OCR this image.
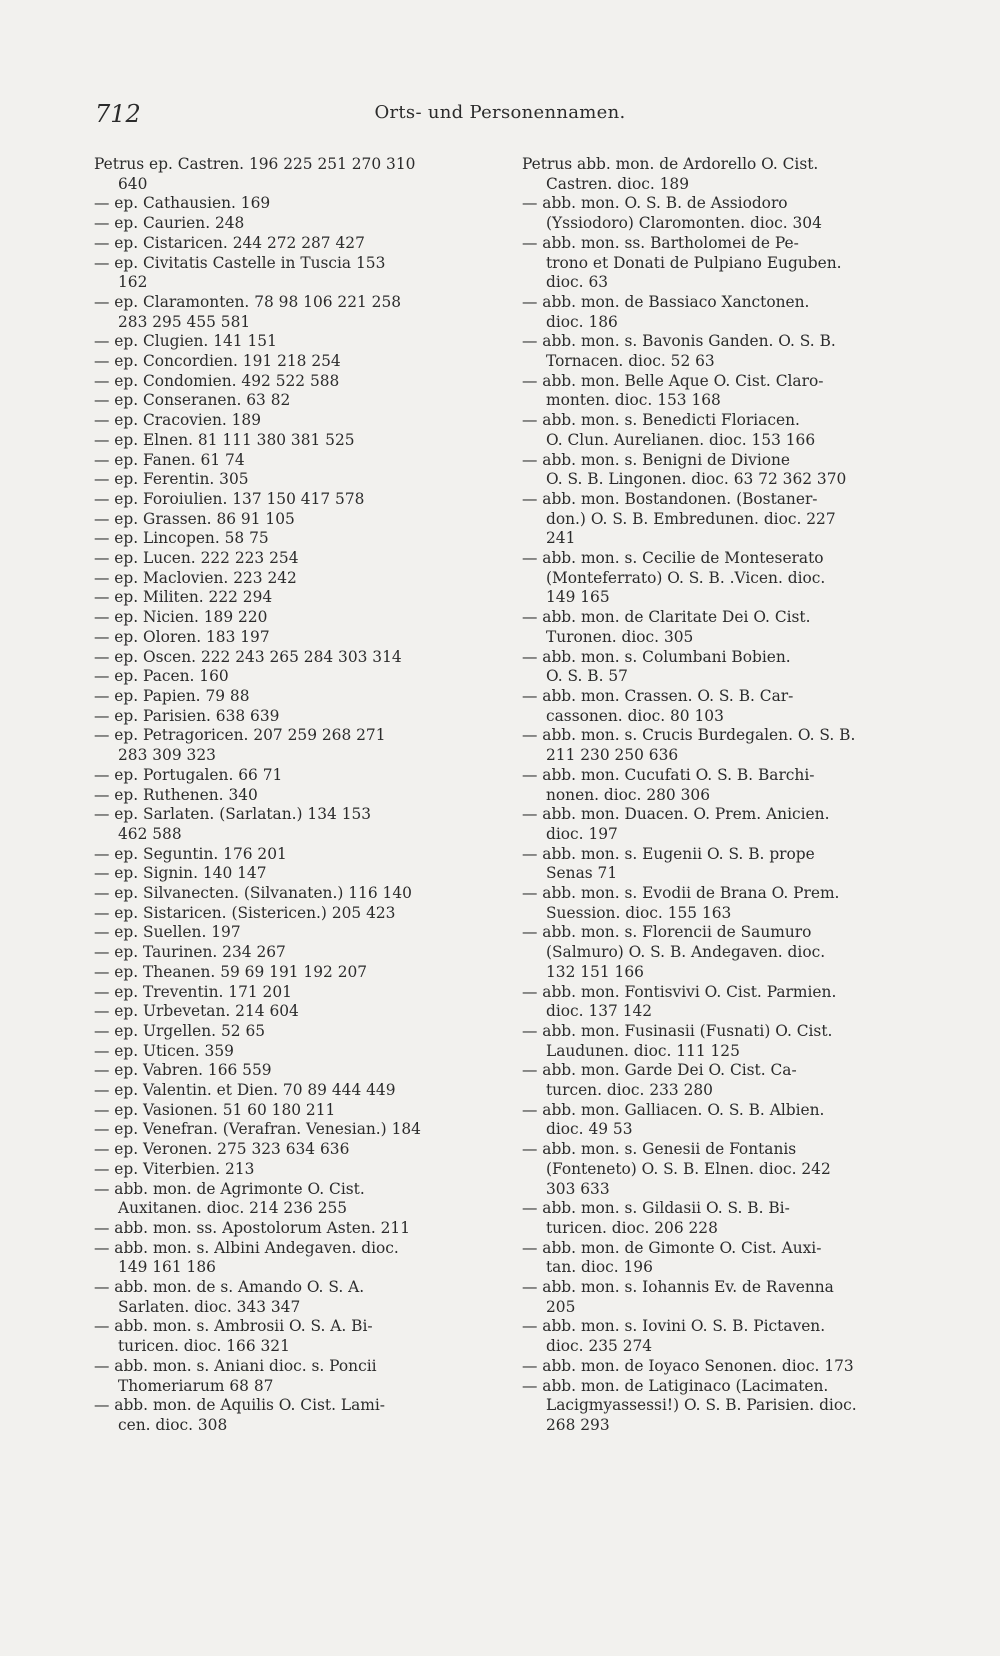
712	Orts- und Personennamen.
Petrus ep. Castren. 196 225 251 270 310
640
— ep. Cathausien. 169
— ep. Caurien. 248
— ep. Cistaricen. 244 272 287 427
— ep. Civitatis Castelle in Tuscia 153
162
— ep. Claramonten. 78 98 106 221 258
283 295 455 581
— ep. Clugien. 141 151
— ep. Concordien. 191 218 254
— ep. Condomien. 492 522 588
— ep. Conseranen. 63 82
— ep. Cracovien. 189
— ep. Elnen. 81 111 380 381 525
— ep. Fanen. 61 74
— ep. Ferentin. 305
— ep. Foroiulien. 137 150 417 578
— ep. Grassen. 86 91 105
— ep. Lincopen. 58 75
— ep. Lucen. 222 223 254
— ep. Maclovien. 223 242
— ep. Militen. 222 294
— ep. Nicien. 189 220
— ep. Oloren. 183 197
— ep. Oscen. 222 243 265 284 303 314
— ep. Pacen. 160
— ep. Papien. 79 88
— ep. Parisien. 638 639
— ep. Petragoricen. 207 259 268 271
283 309 323
— ep. Portugalen. 66 71
— ep. Ruthenen. 340
— ep. Sarlaten. (Sarlatan.) 134 153
462 588
— ep. Seguntin. 176 201
— ep. Signin. 140 147
— ep. Silvanecten. (Silvanaten.) 116 140
— ep. Sistaricen. (Sistericen.) 205 423
— ep. Suellen. 197
— ep. Taurinen. 234 267
— ep. Theanen. 59 69 191 192 207
— ep. Treventin. 171 201
— ep. Urbevetan. 214 604
— ep. Urgellen. 52 65
— ep. Uticen. 359
— ep. Vabren. 166 559
— ep. Valentin. et Dien. 70 89 444 449
— ep. Vasionen. 51 60 180 211
— ep. Venefran. (Verafran. Venesian.) 184
— ep. Veronen. 275 323 634 636
— ep. Viterbien. 213
— abb. mon. de Agrimonte O. Cist.
Auxitanen. dioc. 214 236 255
— abb. mon. ss. Apostolorum Asten. 211
— abb. mon. s. Albini Andegaven. dioc.
149 161 186
— abb. mon. de s. Amando O. S. A.
Sarlaten. dioc. 343 347
— abb. mon. s. Ambrosii O. S. A. Bi-
turicen. dioc. 166 321
— abb. mon. s. Aniani dioc. s. Poncii
Thomeriarum 68 87
— abb. mon. de Aquilis O. Cist. Lami-
cen. dioc. 308
Petrus abb. mon. de Ardorello O. Cist.
Castren. dioc. 189
— abb. mon. O. S. B. de Assiodoro
(Yssiodoro) Claromonten. dioc. 304
— abb. mon. ss. Bartholomei de Pe-
trono et Donati de Pulpiano Euguben.
dioc. 63
— abb. mon. de Bassiaco Xanctonen.
dioc. 186
— abb. mon. s. Bavonis Ganden. O. S. B.
Tornacen. dioc. 52 63
— abb. mon. Belle Aque O. Cist. Claro-
monten. dioc. 153 168
— abb. mon. s. Benedicti Floriacen.
O. Clun. Aurelianen. dioc. 153 166
— abb. mon. s. Benigni de Divione
O. S. B. Lingonen. dioc. 63 72 362 370
— abb. mon. Bostandonen. (Bostaner-
don.) O. S. B. Embredunen. dioc. 227
241
— abb. mon. s. Cecilie de Monteserato
(Monteferrato) O. S. B. .Vicen. dioc.
149 165
— abb. mon. de Claritate Dei O. Cist.
Turonen. dioc. 305
— abb. mon. s. Columbani Bobien.
O. S. B. 57
— abb. mon. Crassen. O. S. B. Car-
cassonen. dioc. 80 103
— abb. mon. s. Crucis Burdegalen. O. S. B.
211 230 250 636
— abb. mon. Cucufati O. S. B. Barchi-
nonen. dioc. 280 306
— abb. mon. Duacen. O. Prem. Anicien.
dioc. 197
— abb. mon. s. Eugenii O. S. B. prope
Senas 71
— abb. mon. s. Evodii de Brana O. Prem.
Suession. dioc. 155 163
— abb. mon. s. Florencii de Saumuro
(Salmuro) O. S. B. Andegaven. dioc.
132 151 166
— abb. mon. Fontisvivi O. Cist. Parmien.
dioc. 137 142
— abb. mon. Fusinasii (Fusnati) O. Cist.
Laudunen. dioc. 111 125
— abb. mon. Garde Dei O. Cist. Ca-
turcen. dioc. 233 280
— abb. mon. Galliacen. O. S. B. Albien.
dioc. 49 53
— abb. mon. s. Genesii de Fontanis
(Fonteneto) O. S. B. Elnen. dioc. 242
303 633
— abb. mon. s. Gildasii O. S. B. Bi-
turicen. dioc. 206 228
— abb. mon. de Gimonte O. Cist. Auxi-
tan. dioc. 196
— abb. mon. s. Iohannis Ev. de Ravenna
205
— abb. mon. s. Iovini O. S. B. Pictaven.
dioc. 235 274
— abb. mon. de Ioyaco Senonen. dioc. 173
— abb. mon. de Latiginaco (Lacimaten.
Lacigmyassessi!) O. S. B. Parisien. dioc.
268 293
